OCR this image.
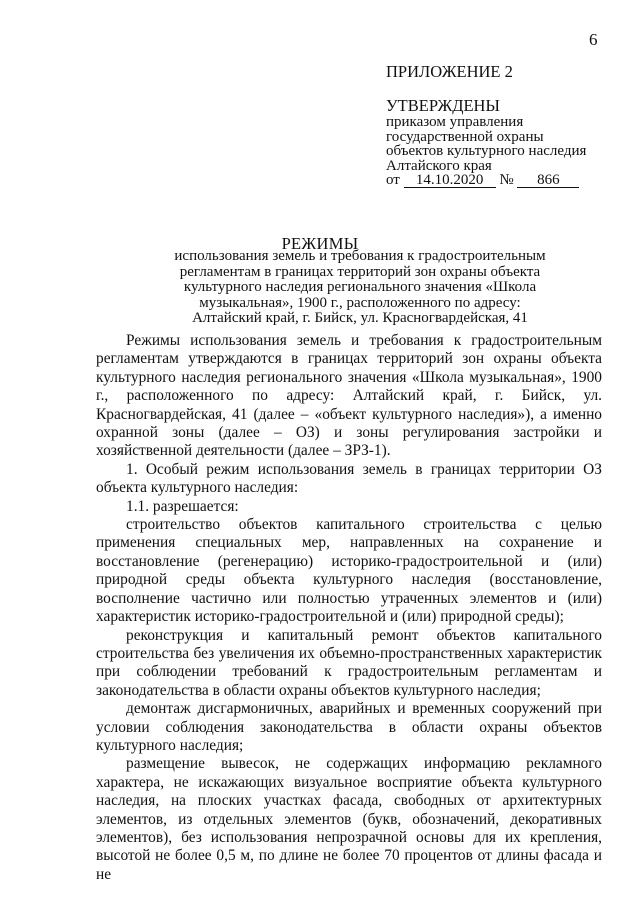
6
ПРИЛОЖЕНИЕ 2
УТВЕРЖДЕНЫ
приказом управления
государственной охраны
объектов культурного наследия
Алтайского края
от 14.10.2020 № 866
РЕЖИМЫ
использования земель и требования к градостроительным
регламентам в границах территорий зон охраны объекта
культурного наследия регионального значения «Школа
музыкальная», 1900 г., расположенного по адресу:
Алтайский край, г. Бийск, ул. Красногвардейская, 41

Режимы использования земель и требования к градостроительным регламентам утверждаются в границах территорий зон охраны объекта культурного наследия регионального значения «Школа музыкальная», 1900 г., расположенного по адресу: Алтайский край, г. Бийск, ул. Красногвардейская, 41 (далее – «объект культурного наследия»), а именно охранной зоны (далее – ОЗ) и зоны регулирования застройки и хозяйственной деятельности (далее – ЗРЗ-1).

1. Особый режим использования земель в границах территории ОЗ объекта культурного наследия:

1.1. разрешается:

строительство объектов капитального строительства с целью применения специальных мер, направленных на сохранение и восстановление (регенерацию) историко-градостроительной и (или) природной среды объекта культурного наследия (восстановление, восполнение частично или полностью утраченных элементов и (или) характеристик историко-градостроительной и (или) природной среды);

реконструкция и капитальный ремонт объектов капитального строительства без увеличения их объемно-пространственных характеристик при соблюдении требований к градостроительным регламентам и законодательства в области охраны объектов культурного наследия;

демонтаж дисгармоничных, аварийных и временных сооружений при условии соблюдения законодательства в области охраны объектов культурного наследия;

размещение вывесок, не содержащих информацию рекламного характера, не искажающих визуальное восприятие объекта культурного наследия, на плоских участках фасада, свободных от архитектурных элементов, из отдельных элементов (букв, обозначений, декоративных элементов), без использования непрозрачной основы для их крепления, высотой не более 0,5 м, по длине не более 70 процентов от длины фасада и не
